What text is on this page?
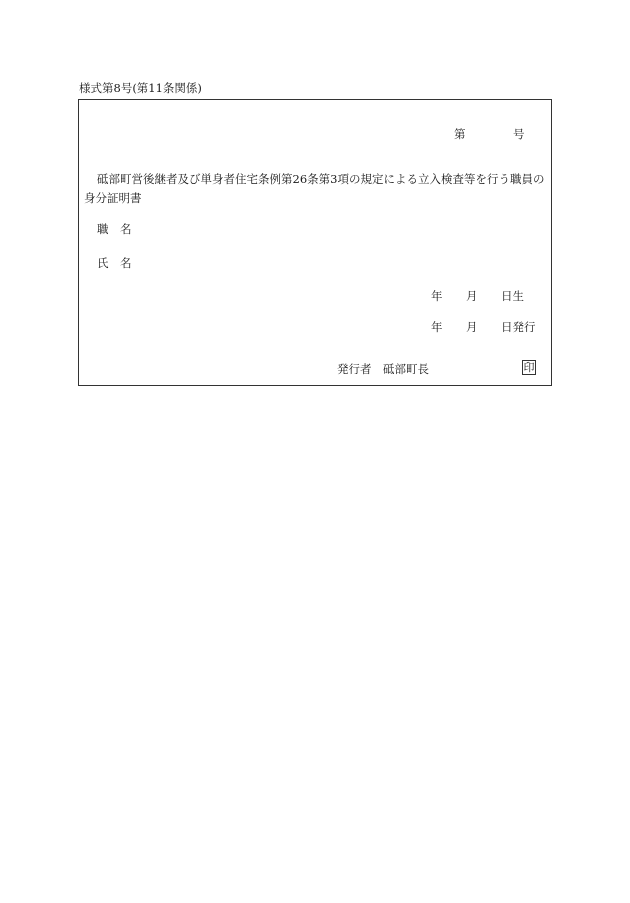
様式第8号(第11条関係)
第	号
砥部町営後継者及び単身者住宅条例第26条第3項の規定による立入検査等を行う職員の
身分証明書
職　名
氏　名
年 月 日生
年 月 日発行
発行者　砥部町長	印
